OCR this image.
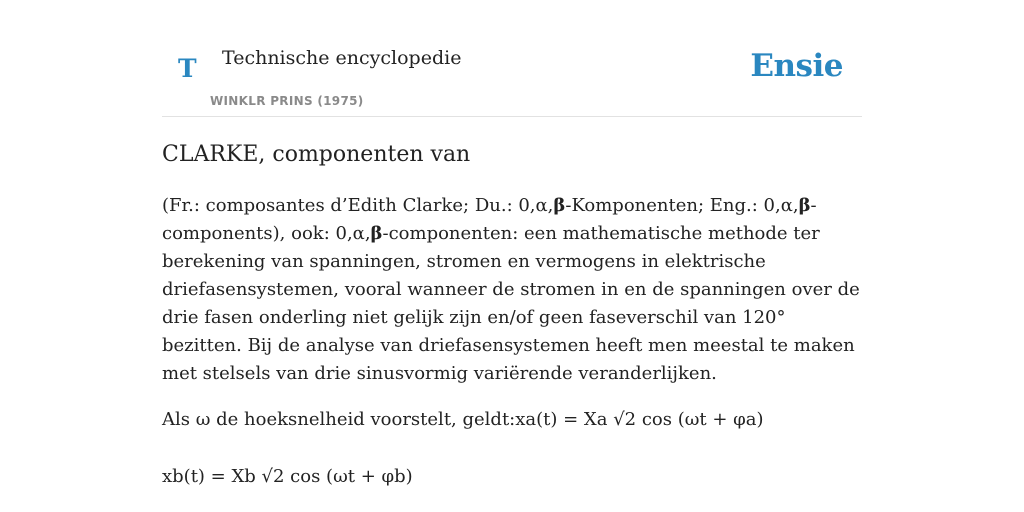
T Technische encyclopedie
WINKLR PRINS (1975)
Ensie
CLARKE, componenten van

(Fr.: composantes d’Edith Clarke; Du.: 0,α,β-Komponenten; Eng.: 0,α,β-components), ook: 0,α,β-componenten: een mathematische methode ter berekening van spanningen, stromen en vermogens in elektrische driefasensystemen, vooral wanneer de stromen in en de spanningen over de drie fasen onderling niet gelijk zijn en/of geen faseverschil van 120° bezitten. Bij de analyse van driefasensystemen heeft men meestal te maken met stelsels van drie sinusvormig variërende veranderlijken.

Als ω de hoeksnelheid voorstelt, geldt:xa(t) = Xa √2 cos (ωt + φa)

xb(t) = Xb √2 cos (ωt + φb)
